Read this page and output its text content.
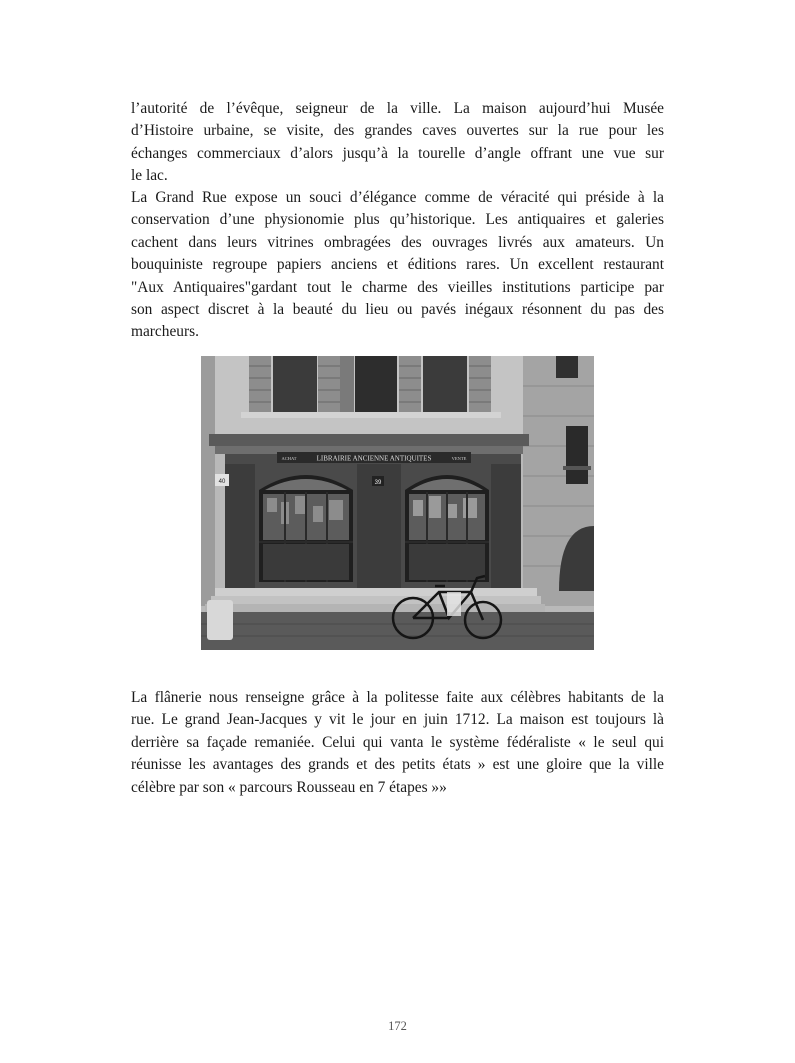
l’autorité de l’évêque, seigneur de la ville. La maison aujourd’hui Musée
d’Histoire urbaine, se visite, des grandes caves ouvertes sur la rue pour les
échanges commerciaux d’alors jusqu’à la tourelle d’angle offrant une vue sur
le lac.

La Grand Rue expose un souci d’élégance comme de véracité qui préside à la
conservation d’une physionomie plus qu’historique. Les antiquaires et galeries
cachent dans leurs vitrines ombragées des ouvrages livrés aux amateurs. Un
bouquiniste regroupe papiers anciens et éditions rares. Un excellent restaurant
"Aux Antiquaires"gardant tout le charme des vieilles institutions participe par
son aspect discret à la beauté du lieu ou pavés inégaux résonnent du pas des
marcheurs.

LIBRAIRIE ANCIENNE ANTIQUITES
ACHAT	VENTE
40	39

La flânerie nous renseigne grâce à la politesse faite aux célèbres habitants de la
rue. Le grand Jean-Jacques y vit le jour en juin 1712. La maison est toujours là
derrière sa façade remaniée. Celui qui vanta le système fédéraliste « le seul qui
réunisse les avantages des grands et des petits états » est une gloire que la ville
célèbre par son « parcours Rousseau en 7 étapes »»

172
